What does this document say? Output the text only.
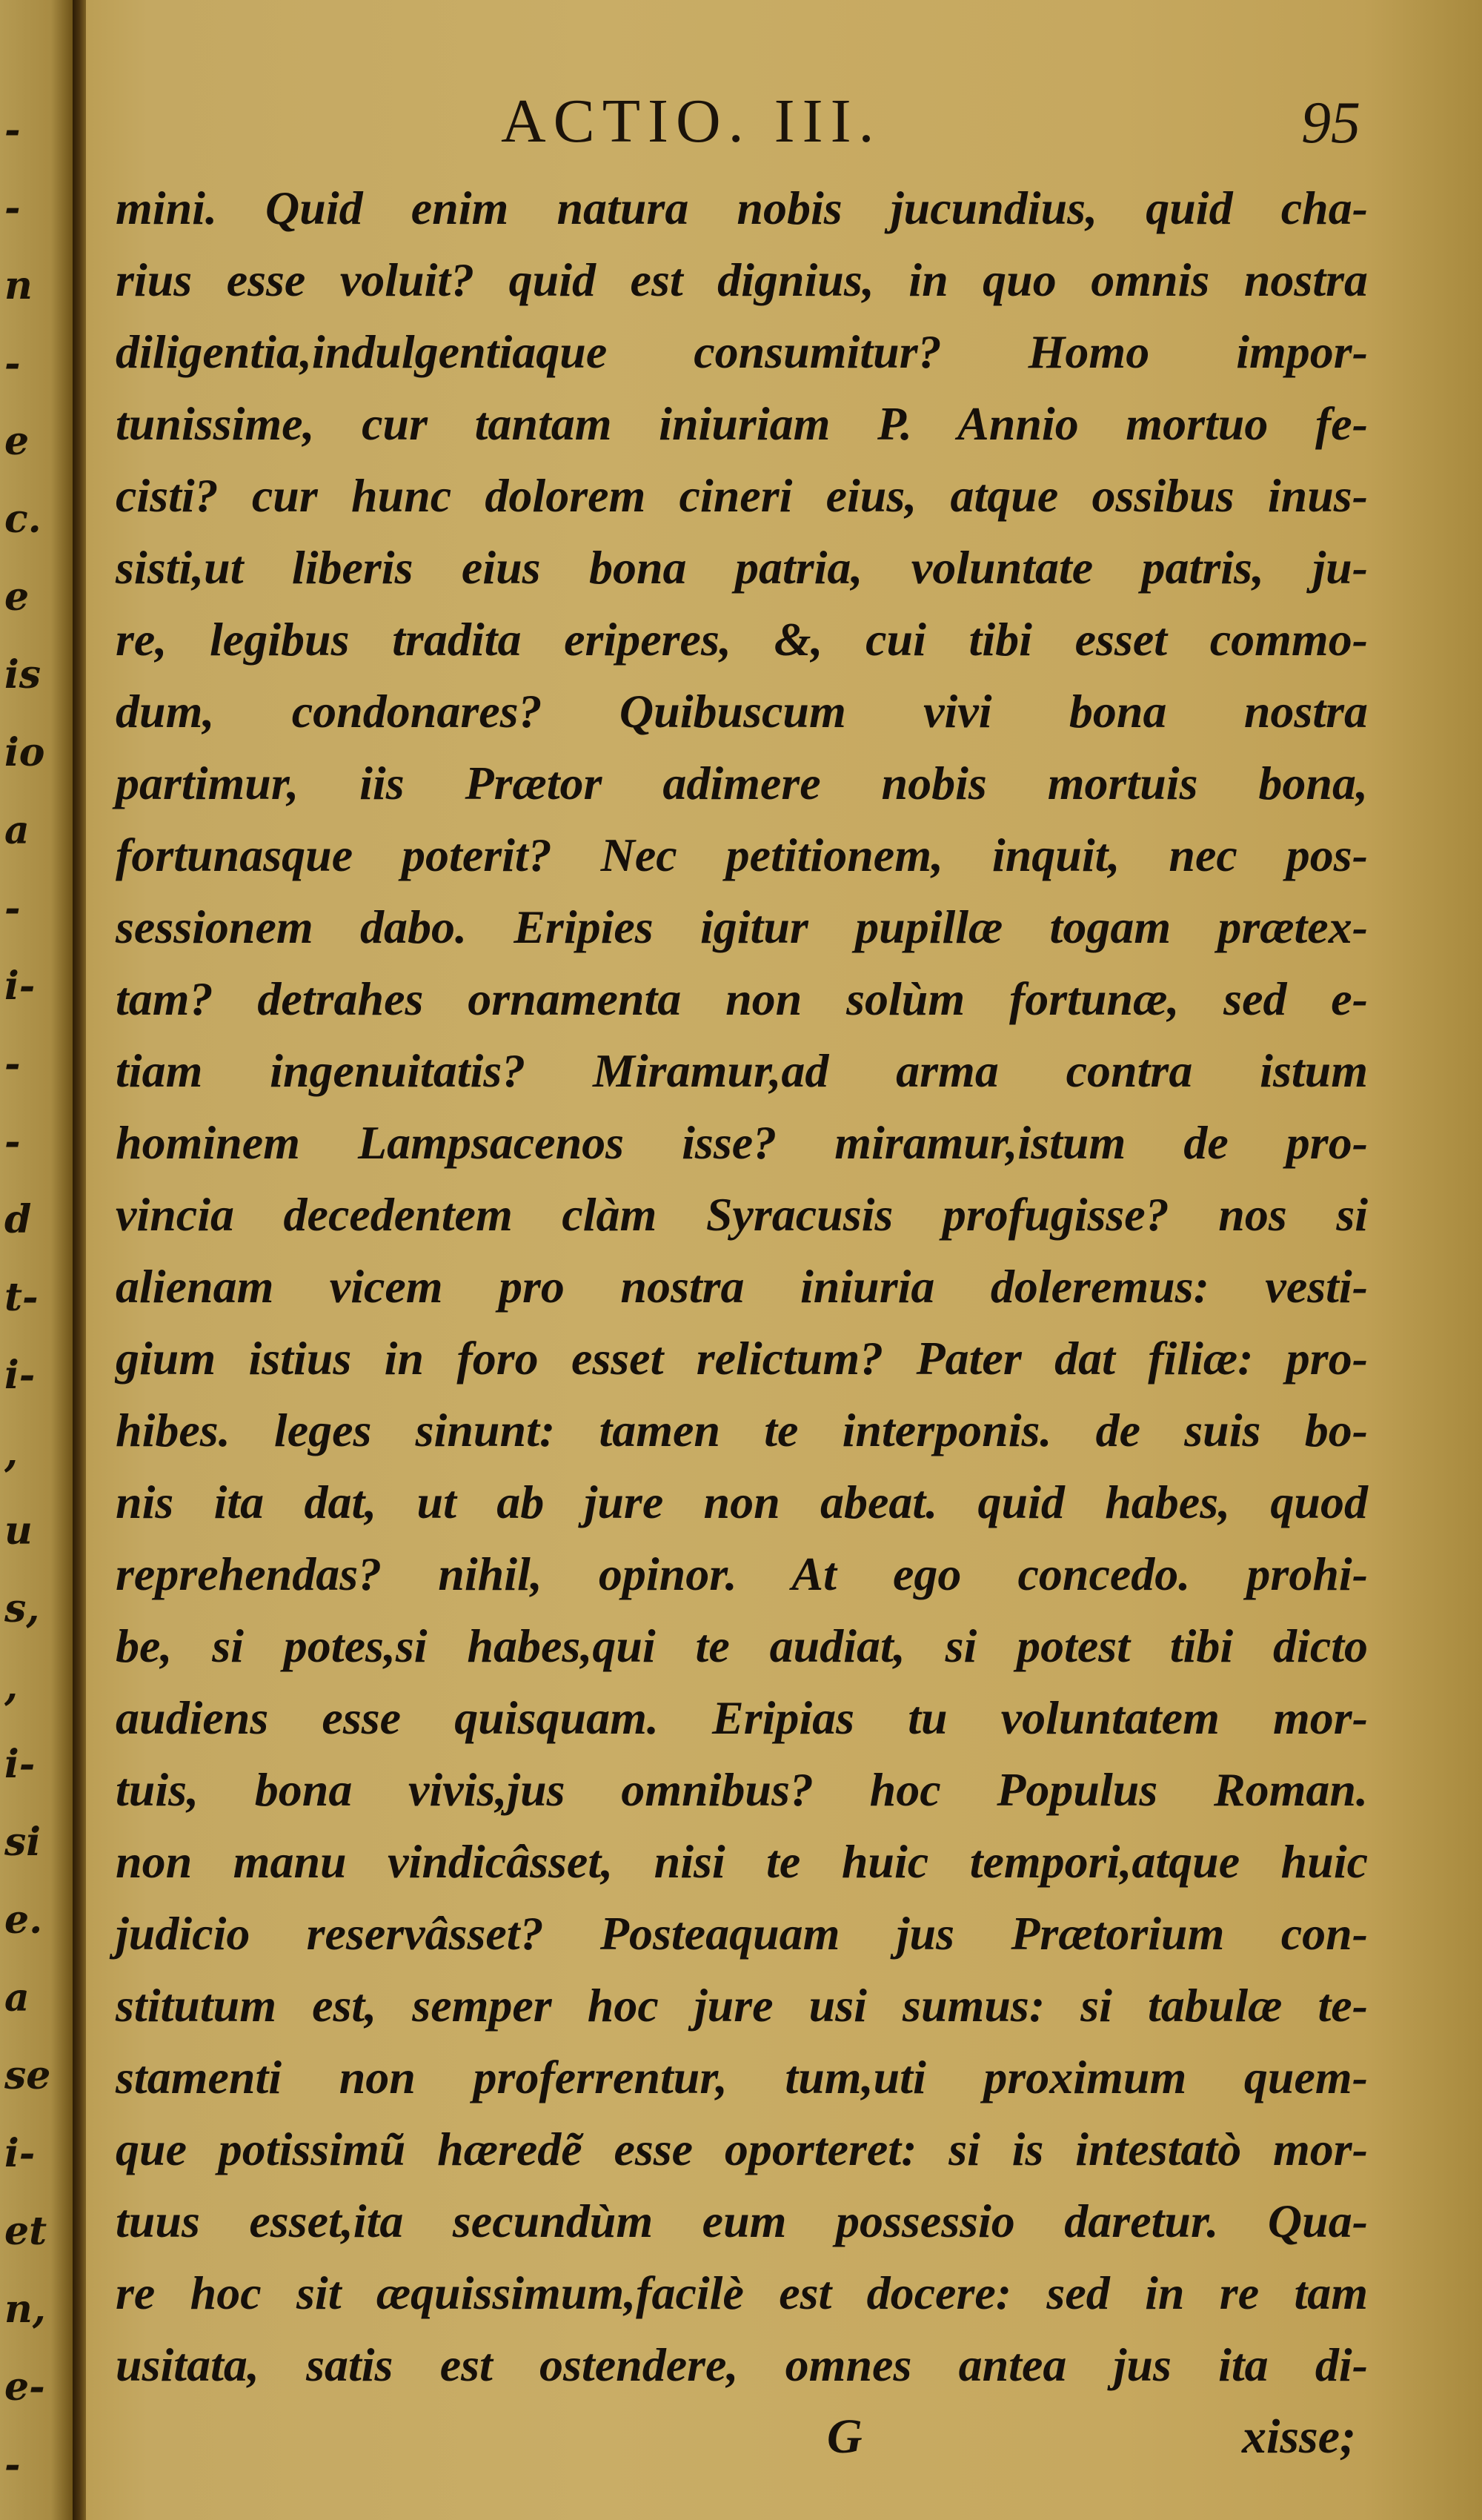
-
-
n
-
e
c.
e
is
io
a
-
i-
-
-
d
t-
i-
,
u
s,
,
i-
si
e.
a
se
i-
et
n,
e-
-
ACTIO. III.	95
mini. Quid enim natura nobis jucundius, quid cha-
rius esse voluit? quid est dignius, in quo omnis nostra
diligentia,indulgentiaque consumitur? Homo impor-
tunissime, cur tantam iniuriam P. Annio mortuo fe-
cisti? cur hunc dolorem cineri eius, atque ossibus inus-
sisti,ut liberis eius bona patria, voluntate patris, ju-
re, legibus tradita eriperes, &, cui tibi esset commo-
dum, condonares? Quibuscum vivi bona nostra
partimur, iis Prætor adimere nobis mortuis bona,
fortunasque poterit? Nec petitionem, inquit, nec pos-
sessionem dabo. Eripies igitur pupillæ togam prætex-
tam? detrahes ornamenta non solùm fortunæ, sed e-
tiam ingenuitatis? Miramur,ad arma contra istum
hominem Lampsacenos isse? miramur,istum de pro-
vincia decedentem clàm Syracusis profugisse? nos si
alienam vicem pro nostra iniuria doleremus: vesti-
gium istius in foro esset relictum? Pater dat filiæ: pro-
hibes. leges sinunt: tamen te interponis. de suis bo-
nis ita dat, ut ab jure non abeat. quid habes, quod
reprehendas? nihil, opinor. At ego concedo. prohi-
be, si potes,si habes,qui te audiat, si potest tibi dicto
audiens esse quisquam. Eripias tu voluntatem mor-
tuis, bona vivis,jus omnibus? hoc Populus Roman.
non manu vindicâsset, nisi te huic tempori,atque huic
judicio reservâsset? Posteaquam jus Prætorium con-
stitutum est, semper hoc jure usi sumus: si tabulæ te-
stamenti non proferrentur, tum,uti proximum quem-
que potissimũ hæredẽ esse oporteret: si is intestatò mor-
tuus esset,ita secundùm eum possessio daretur. Qua-
re hoc sit æquissimum,facilè est docere: sed in re tam
usitata, satis est ostendere, omnes antea jus ita di-
G	xisse;
